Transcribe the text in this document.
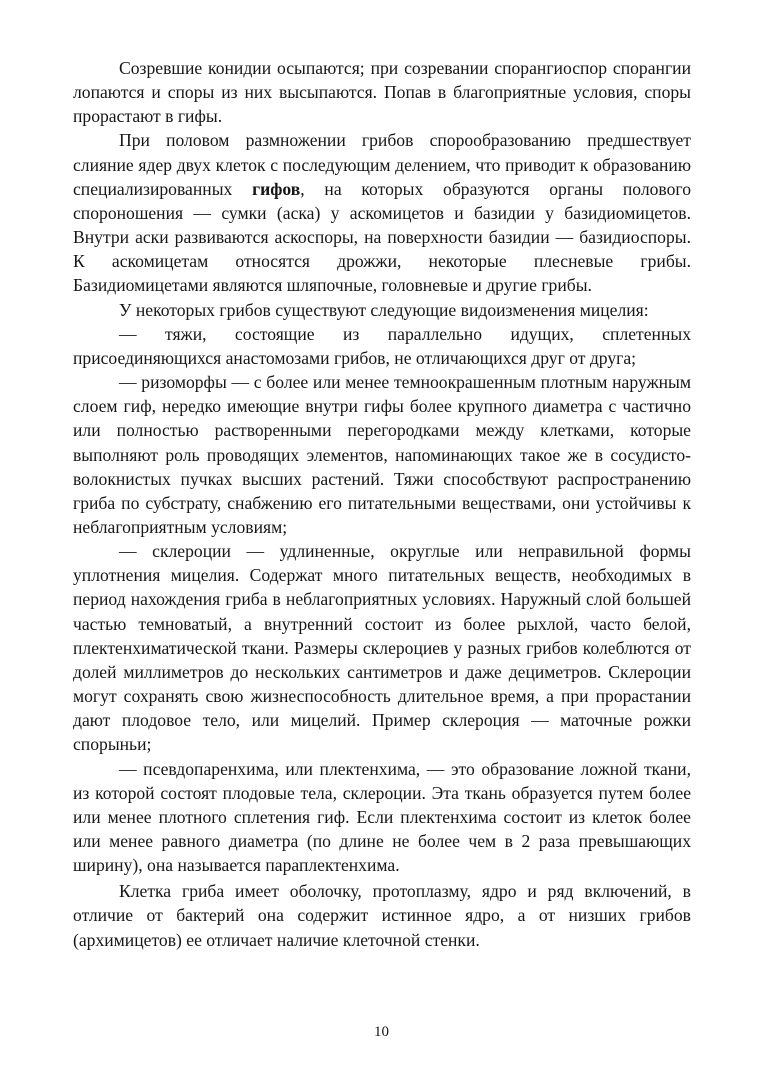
Созревшие конидии осыпаются; при созревании спорангиоспор спорангии лопаются и споры из них высыпаются. Попав в благоприятные условия, споры прорастают в гифы.

При половом размножении грибов спорообразованию предшествует слияние ядер двух клеток с последующим делением, что приводит к образованию специализированных гифов, на которых образуются органы полового спороношения — сумки (аска) у аскомицетов и базидии у базидиомицетов. Внутри аски развиваются аскоспоры, на поверхности базидии — базидиоспоры. К аскомицетам относятся дрожжи, некоторые плесневые грибы. Базидиомицетами являются шляпочные, головневые и другие грибы.

У некоторых грибов существуют следующие видоизменения мицелия:

— тяжи, состоящие из параллельно идущих, сплетенных присоединяющихся анастомозами грибов, не отличающихся друг от друга;

— ризоморфы — с более или менее темноокрашенным плотным наружным слоем гиф, нередко имеющие внутри гифы более крупного диаметра с частично или полностью растворенными перегородками между клетками, которые выполняют роль проводящих элементов, напоминающих такое же в сосудисто-волокнистых пучках высших растений. Тяжи способствуют распространению гриба по субстрату, снабжению его питательными веществами, они устойчивы к неблагоприятным условиям;

— склероции — удлиненные, округлые или неправильной формы уплотнения мицелия. Содержат много питательных веществ, необходимых в период нахождения гриба в неблагоприятных условиях. Наружный слой большей частью темноватый, а внутренний состоит из более рыхлой, часто белой, плектенхиматической ткани. Размеры склероциев у разных грибов колеблются от долей миллиметров до нескольких сантиметров и даже дециметров. Склероции могут сохранять свою жизнеспособность длительное время, а при прорастании дают плодовое тело, или мицелий. Пример склероция — маточные рожки спорыньи;

— псевдопаренхима, или плектенхима, — это образование ложной ткани, из которой состоят плодовые тела, склероции. Эта ткань образуется путем более или менее плотного сплетения гиф. Если плектенхима состоит из клеток более или менее равного диаметра (по длине не более чем в 2 раза превышающих ширину), она называется параплектенхима.

Клетка гриба имеет оболочку, протоплазму, ядро и ряд включений, в отличие от бактерий она содержит истинное ядро, а от низших грибов (архимицетов) ее отличает наличие клеточной стенки.

10
